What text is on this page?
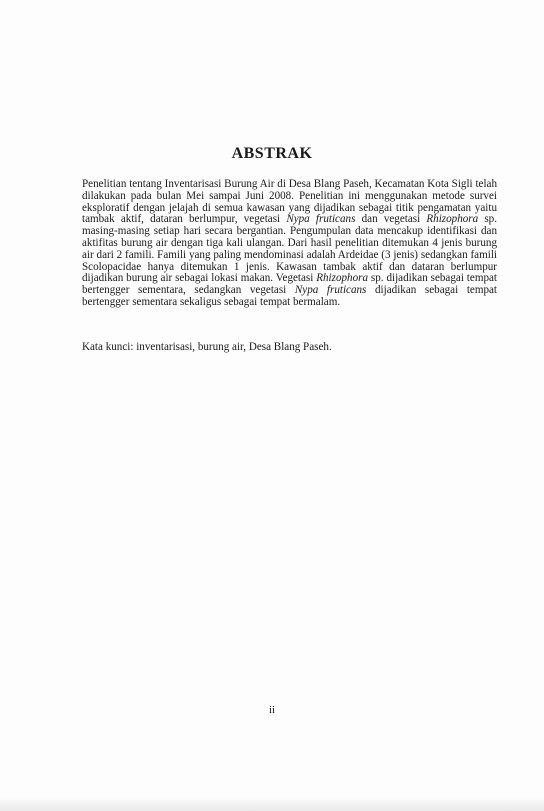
ABSTRAK

Penelitian tentang Inventarisasi Burung Air di Desa Blang Paseh, Kecamatan Kota Sigli telah dilakukan pada bulan Mei sampai Juni 2008. Penelitian ini menggunakan metode survei eksploratif dengan jelajah di semua kawasan yang dijadikan sebagai titik pengamatan yaitu tambak aktif, dataran berlumpur, vegetasi Nypa fruticans dan vegetasi Rhizophora sp. masing-masing setiap hari secara bergantian. Pengumpulan data mencakup identifikasi dan aktifitas burung air dengan tiga kali ulangan. Dari hasil penelitian ditemukan 4 jenis burung air dari 2 famili. Famili yang paling mendominasi adalah Ardeidae (3 jenis) sedangkan famili Scolopacidae hanya ditemukan 1 jenis. Kawasan tambak aktif dan dataran berlumpur dijadikan burung air sebagai lokasi makan. Vegetasi Rhizophora sp. dijadikan sebagai tempat bertengger sementara, sedangkan vegetasi Nypa fruticans dijadikan sebagai tempat bertengger sementara sekaligus sebagai tempat bermalam.

Kata kunci: inventarisasi, burung air, Desa Blang Paseh.

ii
